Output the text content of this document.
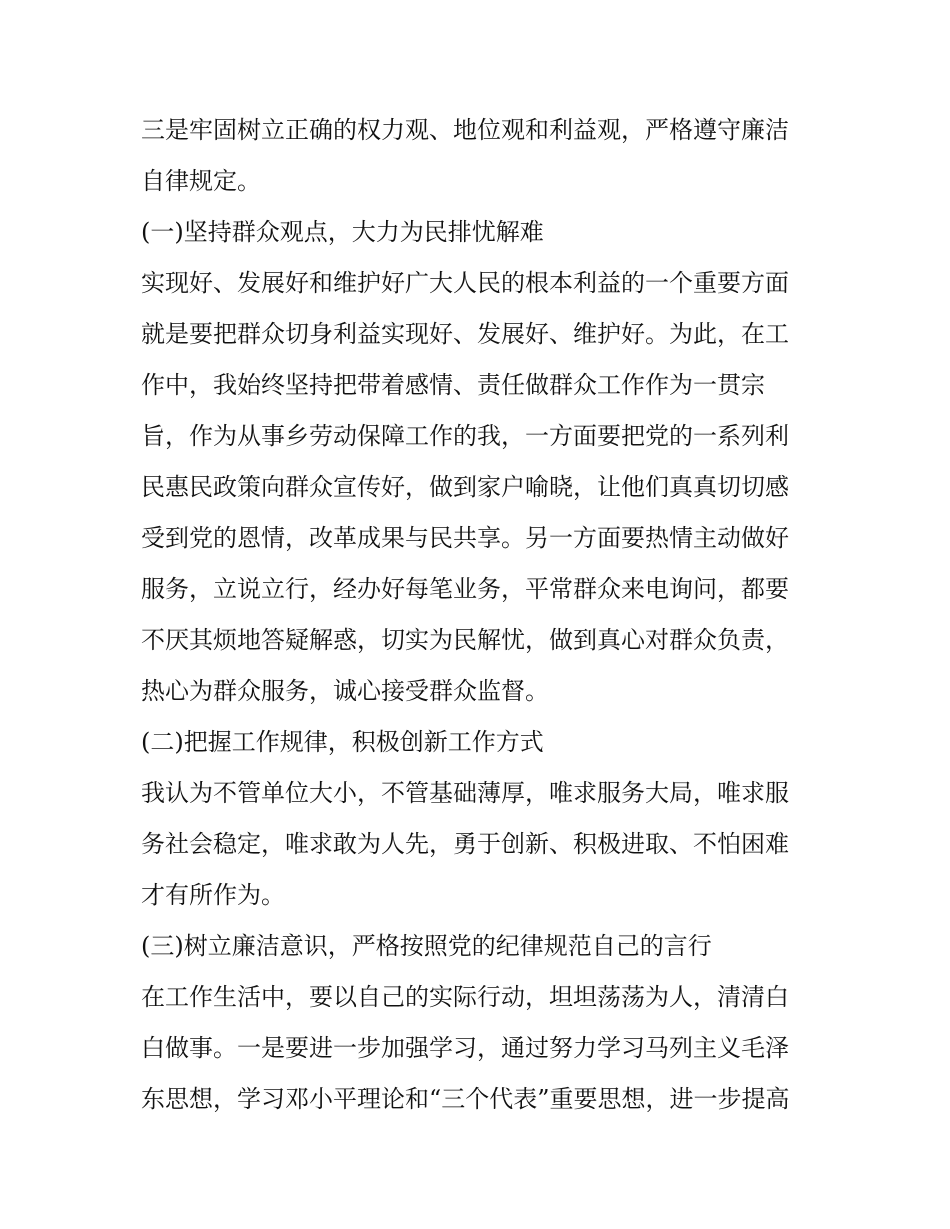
三是牢固树立正确的权力观、地位观和利益观，严格遵守廉洁
自律规定。
(一)坚持群众观点，大力为民排忧解难
实现好、发展好和维护好广大人民的根本利益的一个重要方面
就是要把群众切身利益实现好、发展好、维护好。为此，在工
作中，我始终坚持把带着感情、责任做群众工作作为一贯宗
旨，作为从事乡劳动保障工作的我，一方面要把党的一系列利
民惠民政策向群众宣传好，做到家户喻晓，让他们真真切切感
受到党的恩情，改革成果与民共享。另一方面要热情主动做好
服务，立说立行，经办好每笔业务，平常群众来电询问，都要
不厌其烦地答疑解惑，切实为民解忧，做到真心对群众负责，
热心为群众服务，诚心接受群众监督。
(二)把握工作规律，积极创新工作方式
我认为不管单位大小，不管基础薄厚，唯求服务大局，唯求服
务社会稳定，唯求敢为人先，勇于创新、积极进取、不怕困难
才有所作为。
(三)树立廉洁意识，严格按照党的纪律规范自己的言行
在工作生活中，要以自己的实际行动，坦坦荡荡为人，清清白
白做事。一是要进一步加强学习，通过努力学习马列主义毛泽
东思想，学习邓小平理论和“三个代表”重要思想，进一步提高
